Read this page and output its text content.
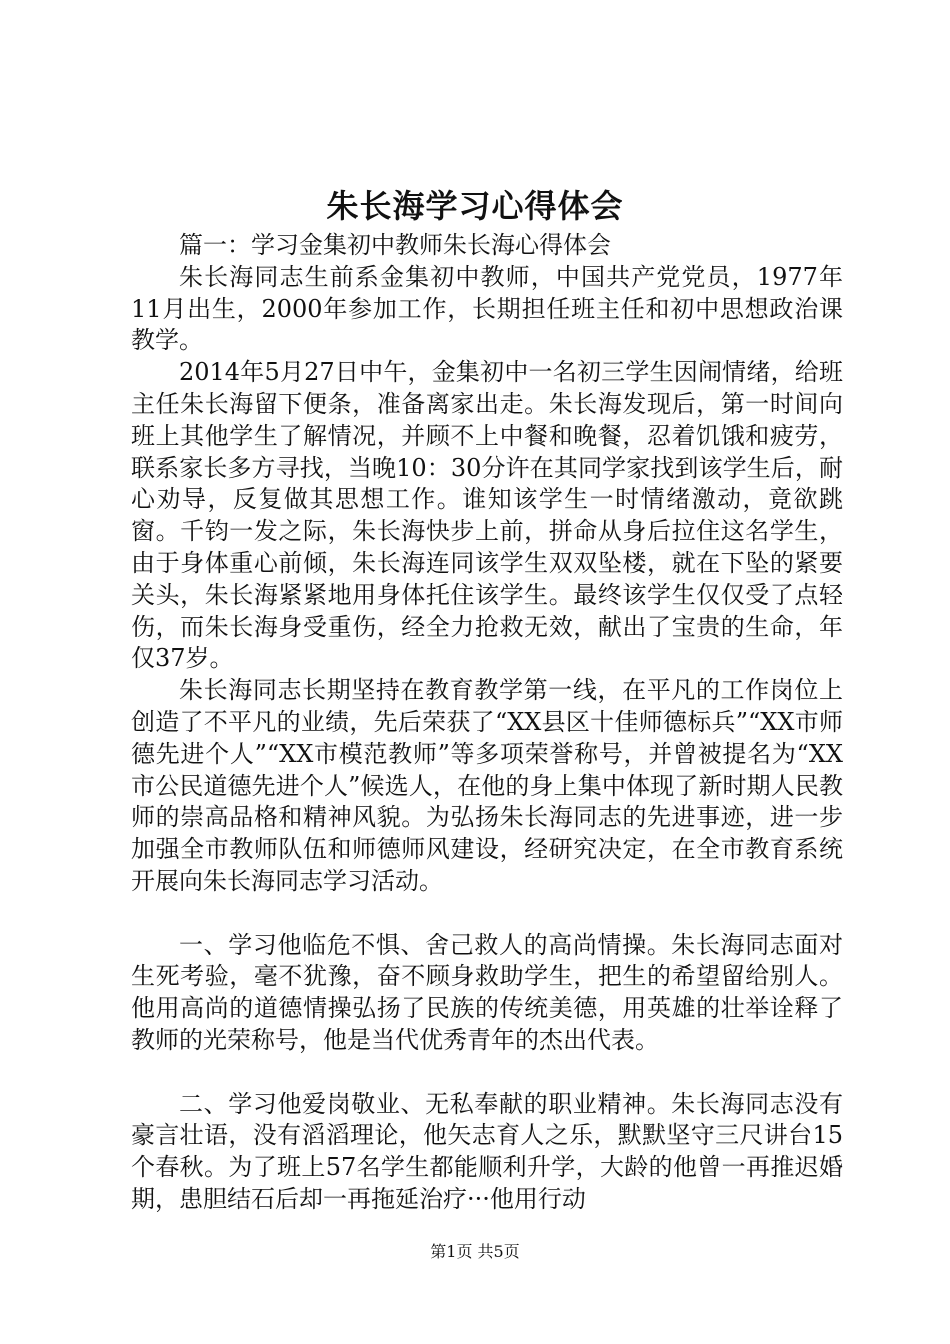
朱长海学习心得体会

篇一：学习金集初中教师朱长海心得体会

朱长海同志生前系金集初中教师，中国共产党党员，1977年11月出生，2000年参加工作，长期担任班主任和初中思想政治课教学。

2014年5月27日中午，金集初中一名初三学生因闹情绪，给班主任朱长海留下便条，准备离家出走。朱长海发现后，第一时间向班上其他学生了解情况，并顾不上中餐和晚餐，忍着饥饿和疲劳，联系家长多方寻找，当晚10：30分许在其同学家找到该学生后，耐心劝导，反复做其思想工作。谁知该学生一时情绪激动，竟欲跳窗。千钧一发之际，朱长海快步上前，拼命从身后拉住这名学生，由于身体重心前倾，朱长海连同该学生双双坠楼，就在下坠的紧要关头，朱长海紧紧地用身体托住该学生。最终该学生仅仅受了点轻伤，而朱长海身受重伤，经全力抢救无效，献出了宝贵的生命，年仅37岁。

朱长海同志长期坚持在教育教学第一线，在平凡的工作岗位上创造了不平凡的业绩，先后荣获了“XX县区十佳师德标兵”“XX市师德先进个人”“XX市模范教师”等多项荣誉称号，并曾被提名为“XX市公民道德先进个人”候选人，在他的身上集中体现了新时期人民教师的崇高品格和精神风貌。为弘扬朱长海同志的先进事迹，进一步加强全市教师队伍和师德师风建设，经研究决定，在全市教育系统开展向朱长海同志学习活动。

一、学习他临危不惧、舍己救人的高尚情操。朱长海同志面对生死考验，毫不犹豫，奋不顾身救助学生，把生的希望留给别人。他用高尚的道德情操弘扬了民族的传统美德，用英雄的壮举诠释了教师的光荣称号，他是当代优秀青年的杰出代表。

二、学习他爱岗敬业、无私奉献的职业精神。朱长海同志没有豪言壮语，没有滔滔理论，他矢志育人之乐，默默坚守三尺讲台15个春秋。为了班上57名学生都能顺利升学，大龄的他曾一再推迟婚期，患胆结石后却一再拖延治疗···他用行动

第1页 共5页
